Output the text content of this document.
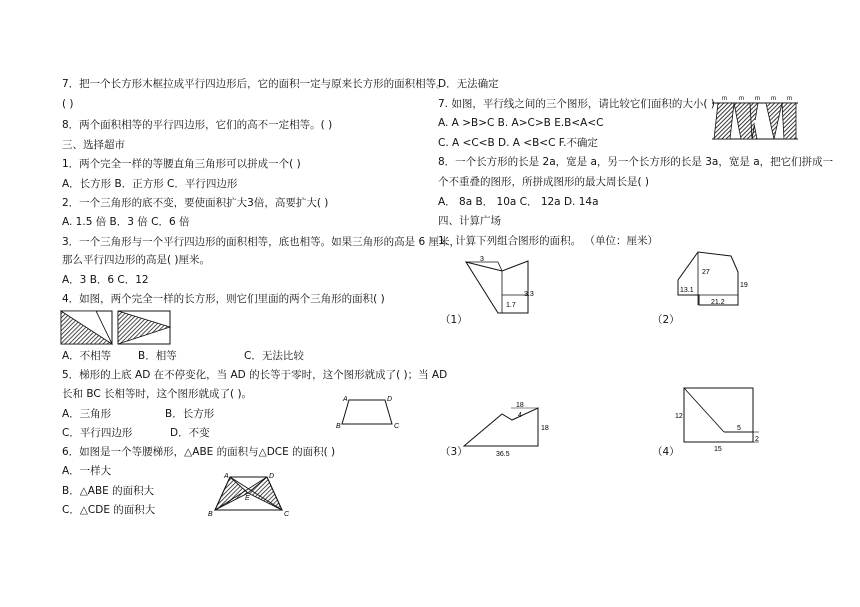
7．把一个长方形木框拉成平行四边形后，它的面积一定与原来长方形的面积相等。
( )
8．两个面积相等的平行四边形，它们的高不一定相等。( )
三、选择超市
1．两个完全一样的等腰直角三角形可以拼成一个( )
A．长方形 B．正方形 C．平行四边形
2．一个三角形的底不变，要使面积扩大3倍，高要扩大( )
A. 1.5 倍 B．3 倍 C．6 倍
3．一个三角形与一个平行四边形的面积相等，底也相等。如果三角形的高是 6 厘米，
那么平行四边形的高是( )厘米。
A．3 B．6 C．12
4．如图，两个完全一样的长方形，则它们里面的两个三角形的面积( )
A．不相等	B．相等	C．无法比较
5．梯形的上底 AD 在不停变化，当 AD 的长等于零时，这个图形就成了( )；当 AD
长和 BC 长相等时，这个图形就成了( )。
A．三角形	B．长方形
C．平行四边形	D．不变
A	D
B	C
6．如图是一个等腰梯形，△ABE 的面积与△DCE 的面积( )
A．一样大
B．△ABE 的面积大
C．△CDE 的面积大
A	D
E
B	C
D．无法确定
7. 如图，平行线之间的三个图形，请比较它们面积的大小( )
A. A >B>C B. A>C>B E.B<A<C
C. A <C<B D. A <B<C F.不确定
m m m m m
A B	C
8．一个长方形的长是 2a，宽是 a，另一个长方形的长是 3a，宽是 a，把它们拼成一
个不重叠的图形，所拼成图形的最大周长是( )
A． 8a B． 10a C． 12a D. 14a
四、计算广场
1．计算下列组合图形的面积。 （单位：厘米）
3
3.3
1.7
（1）
27
19
13.1
21.2
（2）
18
4
18
36.5
（3）
12
5
2
15
（4）
